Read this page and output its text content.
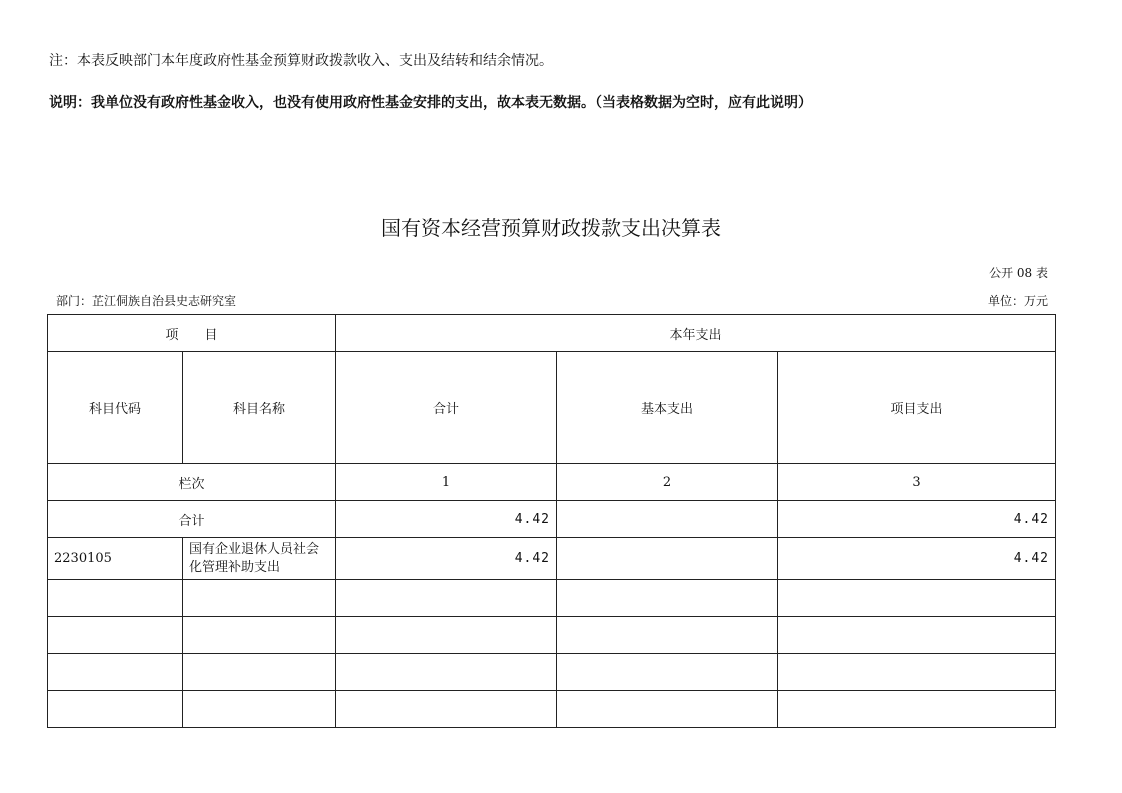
注：本表反映部门本年度政府性基金预算财政拨款收入、支出及结转和结余情况。
说明：我单位没有政府性基金收入，也没有使用政府性基金安排的支出，故本表无数据。（当表格数据为空时，应有此说明）
国有资本经营预算财政拨款支出决算表
公开 08 表
部门：芷江侗族自治县史志研究室	单位：万元
项　　目		本年支出		
科目代码	科目名称	合计	基本支出	项目支出
栏次		1	2	3
合计		4.42		4.42
2230105	国有企业退休人员社会化管理补助支出	4.42		4.42
